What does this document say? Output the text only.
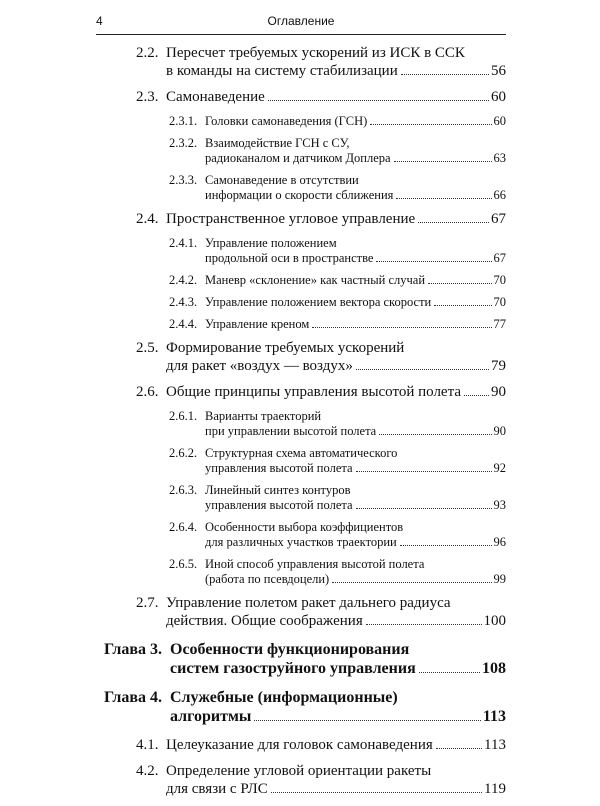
4	Оглавление
2.2. Пересчет требуемых ускорений из ИСК в ССК
в команды на систему стабилизации	56
2.3. Самонаведение	60
2.3.1. Головки самонаведения (ГСН)	60
2.3.2. Взаимодействие ГСН с СУ,
радиоканалом и датчиком Доплера	63
2.3.3. Самонаведение в отсутствии
информации о скорости сближения	66
2.4. Пространственное угловое управление	67
2.4.1. Управление положением
продольной оси в пространстве	67
2.4.2. Маневр «склонение» как частный случай	70
2.4.3. Управление положением вектора скорости	70
2.4.4. Управление креном	77
2.5. Формирование требуемых ускорений
для ракет «воздух — воздух»	79
2.6. Общие принципы управления высотой полета 90
2.6.1. Варианты траекторий
при управлении высотой полета	90
2.6.2. Структурная схема автоматического
управления высотой полета	92
2.6.3. Линейный синтез контуров
управления высотой полета	93
2.6.4. Особенности выбора коэффициентов
для различных участков траектории	96
2.6.5. Иной способ управления высотой полета
(работа по псевдоцели)	99
2.7. Управление полетом ракет дальнего радиуса
действия. Общие соображения	100
Глава 3. Особенности функционирования
систем газоструйного управления	108
Глава 4. Служебные (информационные)
алгоритмы	113
4.1. Целеуказание для головок самонаведения	113
4.2. Определение угловой ориентации ракеты
для связи с РЛС	119
